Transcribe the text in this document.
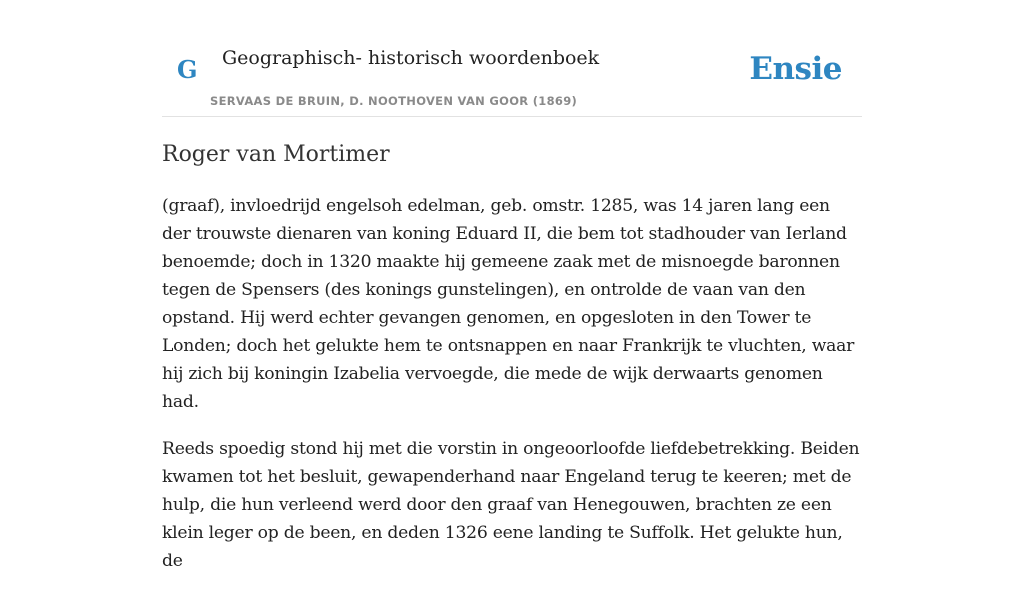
G Geographisch- historisch woordenboek
SERVAAS DE BRUIN, D. NOOTHOVEN VAN GOOR (1869)
Ensie
Roger van Mortimer

(graaf), invloedrijd engelsoh edelman, geb. omstr. 1285, was 14 jaren lang een der trouwste dienaren van koning Eduard II, die bem tot stadhouder van Ierland benoemde; doch in 1320 maakte hij gemeene zaak met de misnoegde baronnen tegen de Spensers (des konings gunstelingen), en ontrolde de vaan van den opstand. Hij werd echter gevangen genomen, en opgesloten in den Tower te Londen; doch het gelukte hem te ontsnappen en naar Frankrijk te vluchten, waar hij zich bij koningin Izabelia vervoegde, die mede de wijk derwaarts genomen had.

Reeds spoedig stond hij met die vorstin in ongeoorloofde liefdebetrekking. Beiden kwamen tot het besluit, gewapenderhand naar Engeland terug te keeren; met de hulp, die hun verleend werd door den graaf van Henegouwen, brachten ze een klein leger op de been, en deden 1326 eene landing te Suffolk. Het gelukte hun, de
